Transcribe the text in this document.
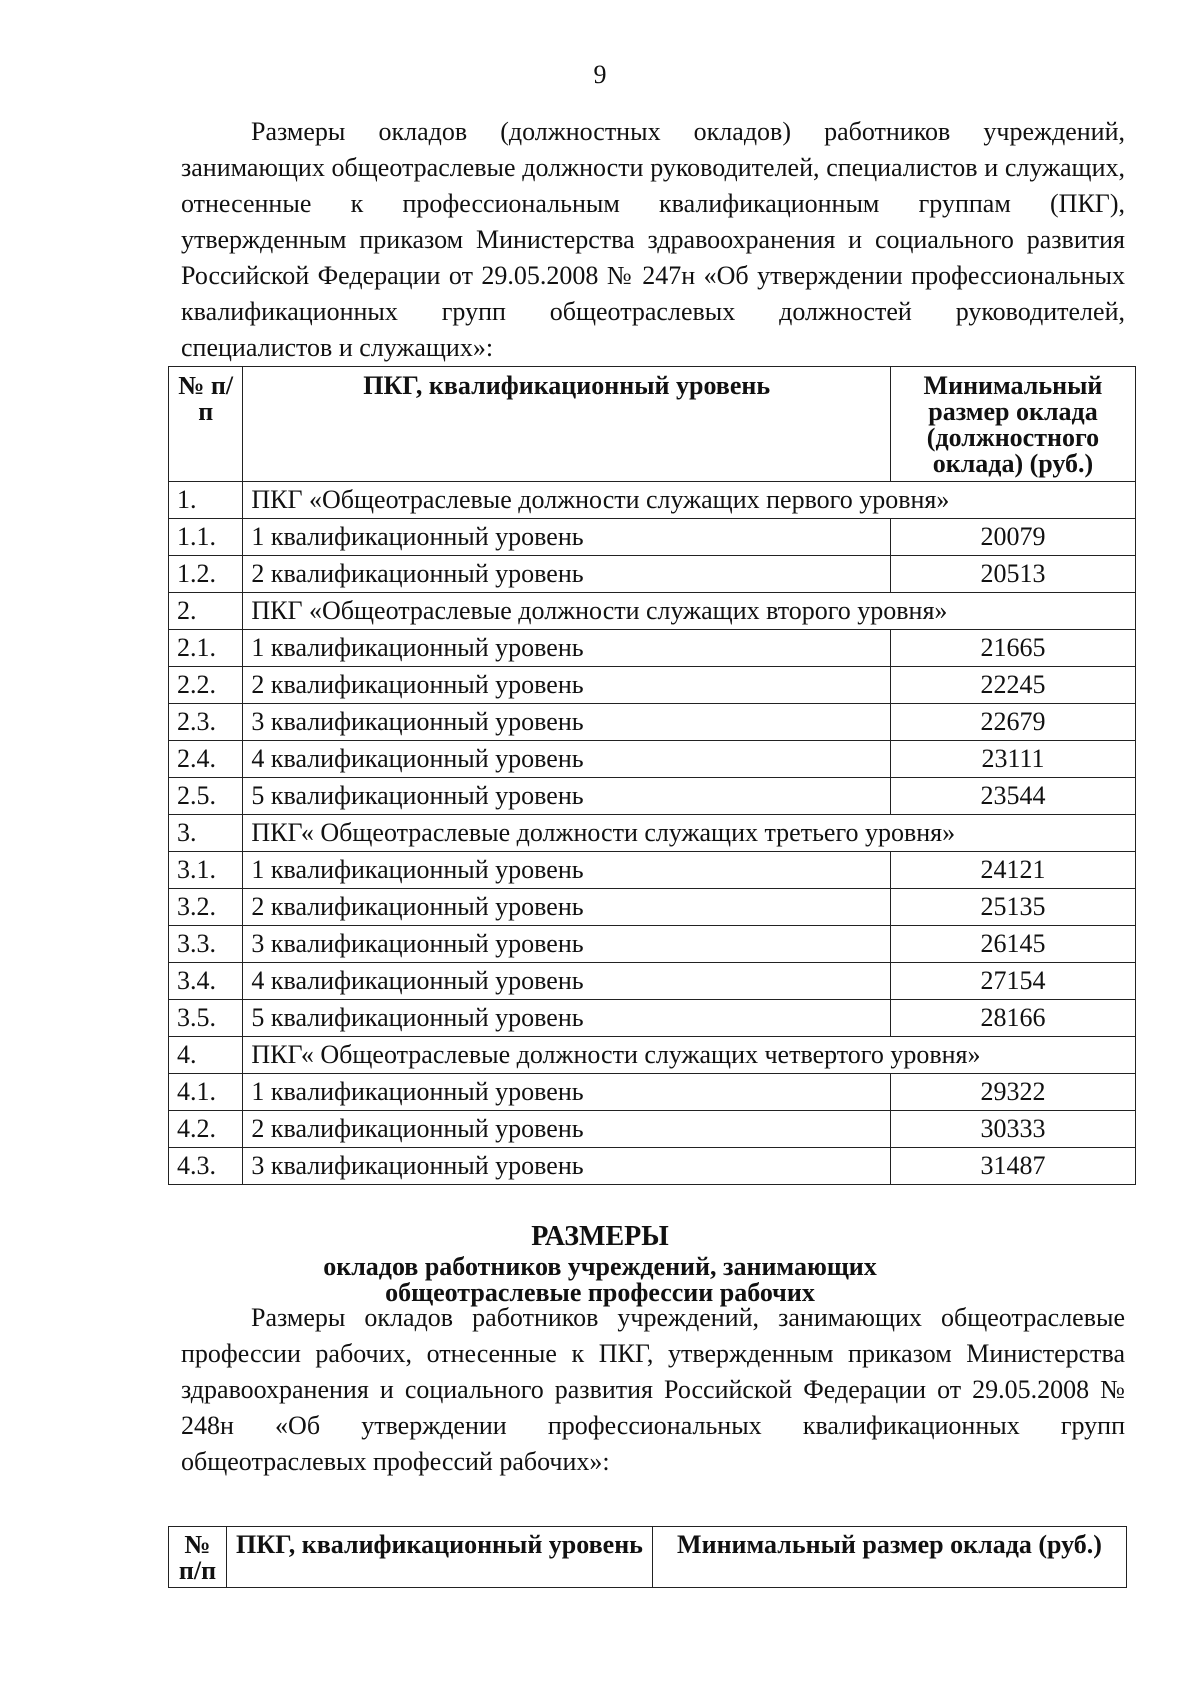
9

Размеры окладов (должностных окладов) работников учреждений, занимающих общеотраслевые должности руководителей, специалистов и служащих, отнесенные к профессиональным квалификационным группам (ПКГ), утвержденным приказом Министерства здравоохранения и социального развития Российской Федерации от 29.05.2008 № 247н «Об утверждении профессиональных квалификационных групп общеотраслевых должностей руководителей, специалистов и служащих»:

№ п/п	ПКГ, квалификационный уровень	Минимальный размер оклада (должностного оклада) (руб.)
1.	ПКГ «Общеотраслевые должности служащих первого уровня»	
1.1.	1 квалификационный уровень	20079
1.2.	2 квалификационный уровень	20513
2.	ПКГ «Общеотраслевые должности служащих второго уровня»	
2.1.	1 квалификационный уровень	21665
2.2.	2 квалификационный уровень	22245
2.3.	3 квалификационный уровень	22679
2.4.	4 квалификационный уровень	23111
2.5.	5 квалификационный уровень	23544
3.	ПКГ« Общеотраслевые должности служащих третьего уровня»	
3.1.	1 квалификационный уровень	24121
3.2.	2 квалификационный уровень	25135
3.3.	3 квалификационный уровень	26145
3.4.	4 квалификационный уровень	27154
3.5.	5 квалификационный уровень	28166
4.	ПКГ« Общеотраслевые должности служащих четвертого уровня»	
4.1.	1 квалификационный уровень	29322
4.2.	2 квалификационный уровень	30333
4.3.	3 квалификационный уровень	31487
РАЗМЕРЫ
окладов работников учреждений, занимающих
общеотраслевые профессии рабочих

Размеры окладов работников учреждений, занимающих общеотраслевые профессии рабочих, отнесенные к ПКГ, утвержденным приказом Министерства здравоохранения и социального развития Российской Федерации от 29.05.2008 № 248н «Об утверждении профессиональных квалификационных групп общеотраслевых профессий рабочих»:

№ п/п	ПКГ, квалификационный уровень	Минимальный размер оклада (руб.)
